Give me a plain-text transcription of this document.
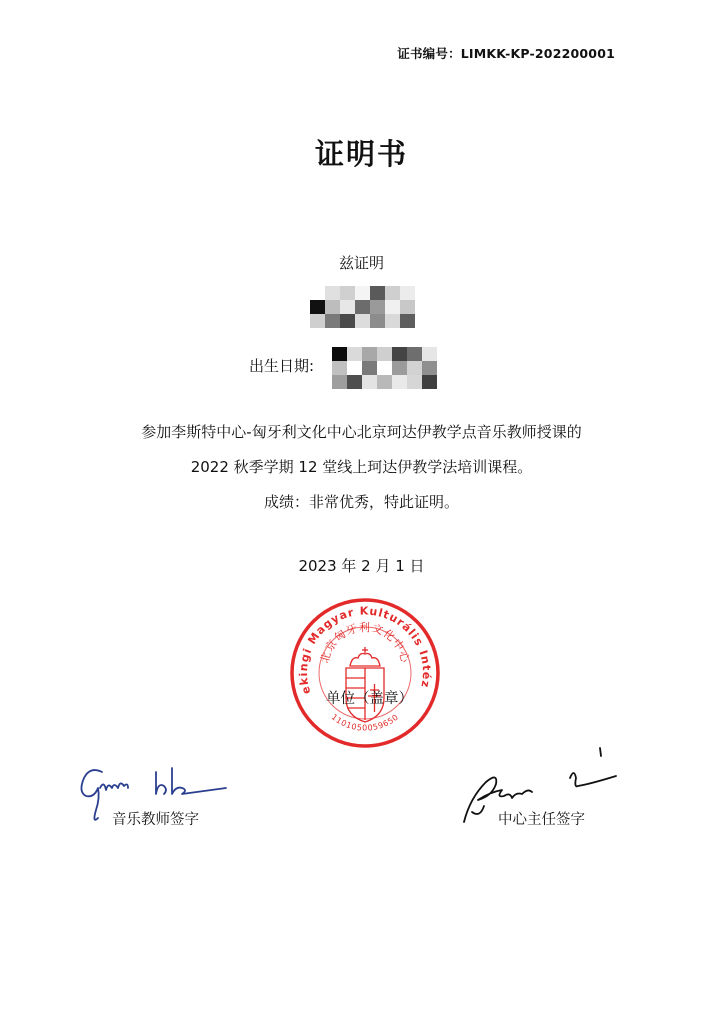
证书编号：LIMKK-KP-202200001
证明书
兹证明
出生日期:
参加李斯特中心-匈牙利文化中心北京珂达伊教学点音乐教师授课的
2022 秋季学期 12 堂线上珂达伊教学法培训课程。
成绩：非常优秀，特此证明。
2023 年 2 月 1 日
ekingi Magyar Kulturális Intéz
北京匈牙利文化中心
1101050059650
单位（盖章）
音乐教师签字	中心主任签字
